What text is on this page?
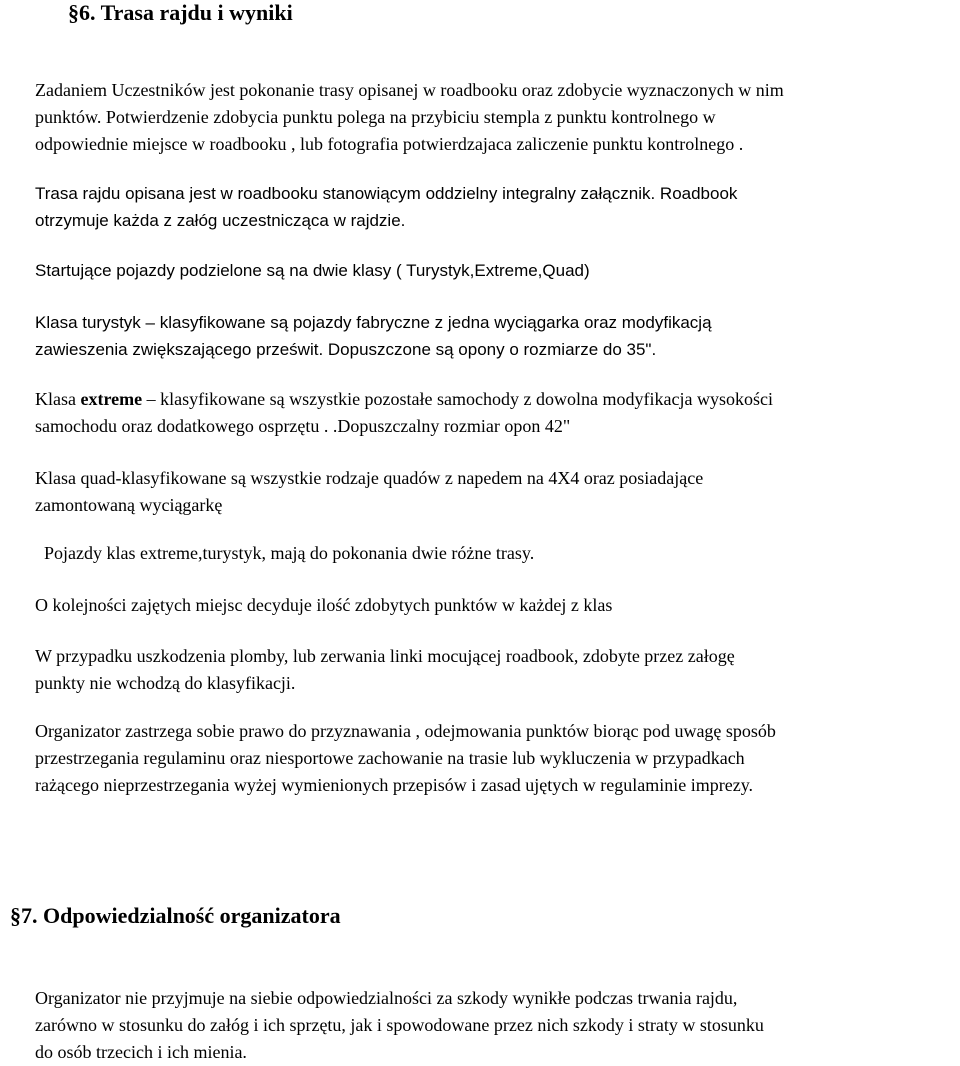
§6. Trasa rajdu i wyniki
Zadaniem Uczestników jest pokonanie trasy opisanej w roadbooku oraz zdobycie wyznaczonych w nim
punktów. Potwierdzenie zdobycia punktu polega na przybiciu stempla z punktu kontrolnego w
odpowiednie miejsce w roadbooku , lub fotografia potwierdzajaca zaliczenie punktu kontrolnego .
Trasa rajdu opisana jest w roadbooku stanowiącym oddzielny integralny załącznik. Roadbook
otrzymuje każda z załóg uczestnicząca w rajdzie.
Startujące pojazdy podzielone są na dwie klasy ( Turystyk,Extreme,Quad)
Klasa turystyk – klasyfikowane są pojazdy fabryczne z jedna wyciągarka oraz modyfikacją
zawieszenia zwiększającego prześwit. Dopuszczone są opony o rozmiarze do 35".
Klasa extreme – klasyfikowane są wszystkie pozostałe samochody z dowolna modyfikacja wysokości
samochodu oraz dodatkowego osprzętu . .Dopuszczalny rozmiar opon 42"
Klasa quad-klasyfikowane są wszystkie rodzaje quadów z napedem na 4X4 oraz posiadające
zamontowaną wyciągarkę
Pojazdy klas extreme,turystyk, mają do pokonania dwie różne trasy.
O kolejności zajętych miejsc decyduje ilość zdobytych punktów w każdej z klas
W przypadku uszkodzenia plomby, lub zerwania linki mocującej roadbook, zdobyte przez załogę
punkty nie wchodzą do klasyfikacji.
Organizator zastrzega sobie prawo do przyznawania , odejmowania punktów biorąc pod uwagę sposób
przestrzegania regulaminu oraz niesportowe zachowanie na trasie lub wykluczenia w przypadkach
rażącego nieprzestrzegania wyżej wymienionych przepisów i zasad ujętych w regulaminie imprezy.
§7. Odpowiedzialność organizatora
Organizator nie przyjmuje na siebie odpowiedzialności za szkody wynikłe podczas trwania rajdu,
zarówno w stosunku do załóg i ich sprzętu, jak i spowodowane przez nich szkody i straty w stosunku
do osób trzecich i ich mienia.
